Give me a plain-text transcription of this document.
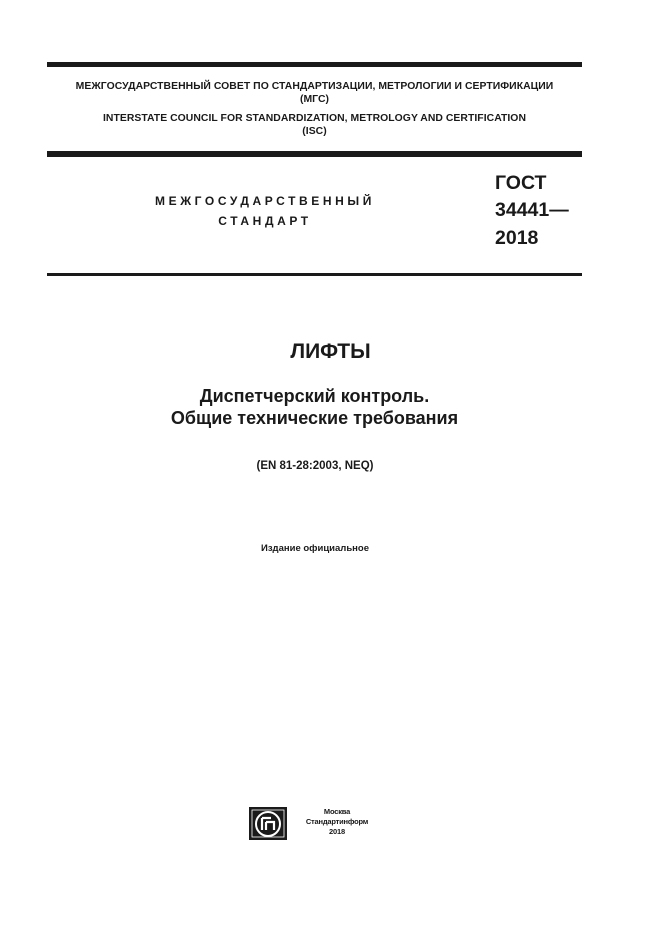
МЕЖГОСУДАРСТВЕННЫЙ СОВЕТ ПО СТАНДАРТИЗАЦИИ, МЕТРОЛОГИИ И СЕРТИФИКАЦИИ
(МГС)
INTERSTATE COUNCIL FOR STANDARDIZATION, METROLOGY AND CERTIFICATION
(ISC)
МЕЖГОСУДАРСТВЕННЫЙ
СТАНДАРТ
ГОСТ
34441—
2018
ЛИФТЫ
Диспетчерский контроль.
Общие технические требования
(EN 81-28:2003, NEQ)
Издание официальное
Москва
Стандартинформ
2018
